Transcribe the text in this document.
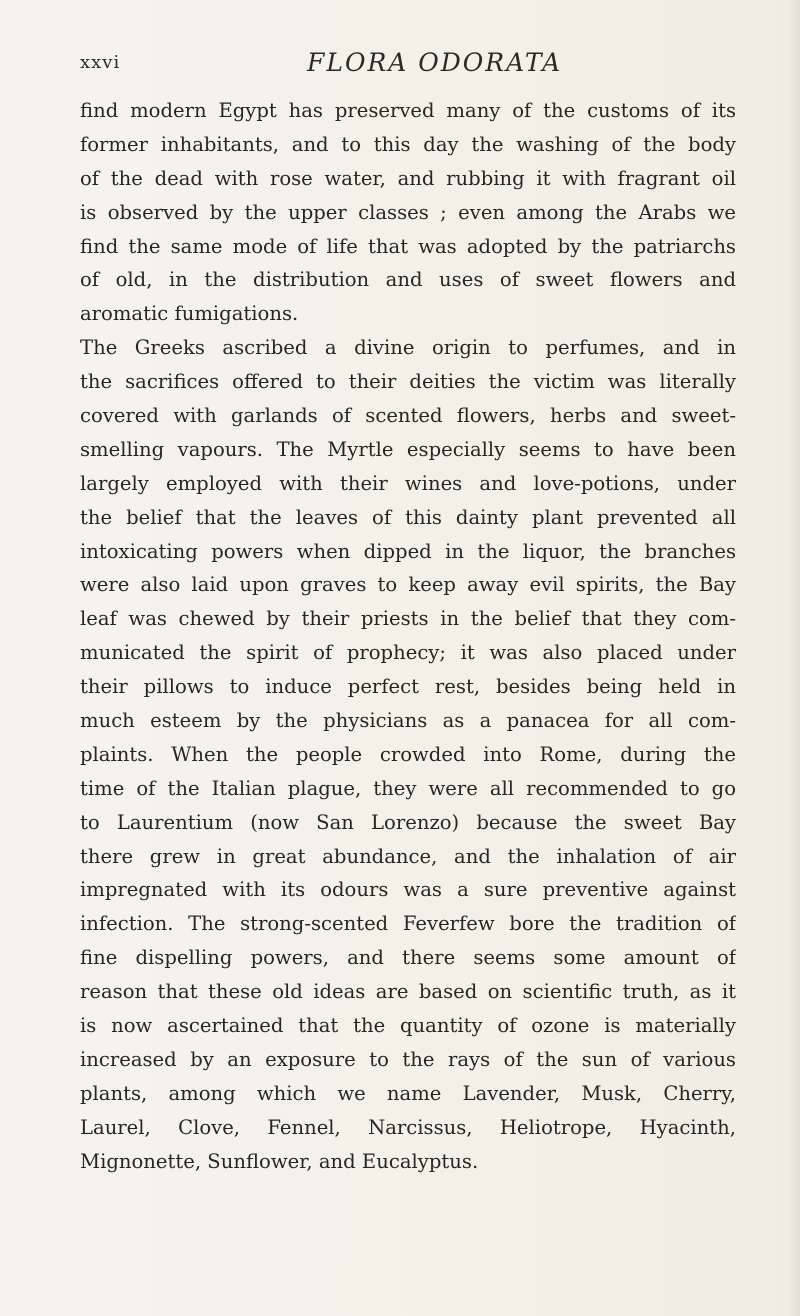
xxvi	FLORA ODORATA
find modern Egypt has preserved many of the customs of its
former inhabitants, and to this day the washing of the body
of the dead with rose water, and rubbing it with fragrant oil
is observed by the upper classes ; even among the Arabs we
find the same mode of life that was adopted by the patriarchs
of old, in the distribution and uses of sweet flowers and
aromatic fumigations.
The Greeks ascribed a divine origin to perfumes, and in
the sacrifices offered to their deities the victim was literally
covered with garlands of scented flowers, herbs and sweet-
smelling vapours. The Myrtle especially seems to have been
largely employed with their wines and love-potions, under
the belief that the leaves of this dainty plant prevented all
intoxicating powers when dipped in the liquor, the branches
were also laid upon graves to keep away evil spirits, the Bay
leaf was chewed by their priests in the belief that they com-
municated the spirit of prophecy; it was also placed under
their pillows to induce perfect rest, besides being held in
much esteem by the physicians as a panacea for all com-
plaints. When the people crowded into Rome, during the
time of the Italian plague, they were all recommended to go
to Laurentium (now San Lorenzo) because the sweet Bay
there grew in great abundance, and the inhalation of air
impregnated with its odours was a sure preventive against
infection. The strong-scented Feverfew bore the tradition of
fine dispelling powers, and there seems some amount of
reason that these old ideas are based on scientific truth, as it
is now ascertained that the quantity of ozone is materially
increased by an exposure to the rays of the sun of various
plants, among which we name Lavender, Musk, Cherry,
Laurel, Clove, Fennel, Narcissus, Heliotrope, Hyacinth,
Mignonette, Sunflower, and Eucalyptus.
